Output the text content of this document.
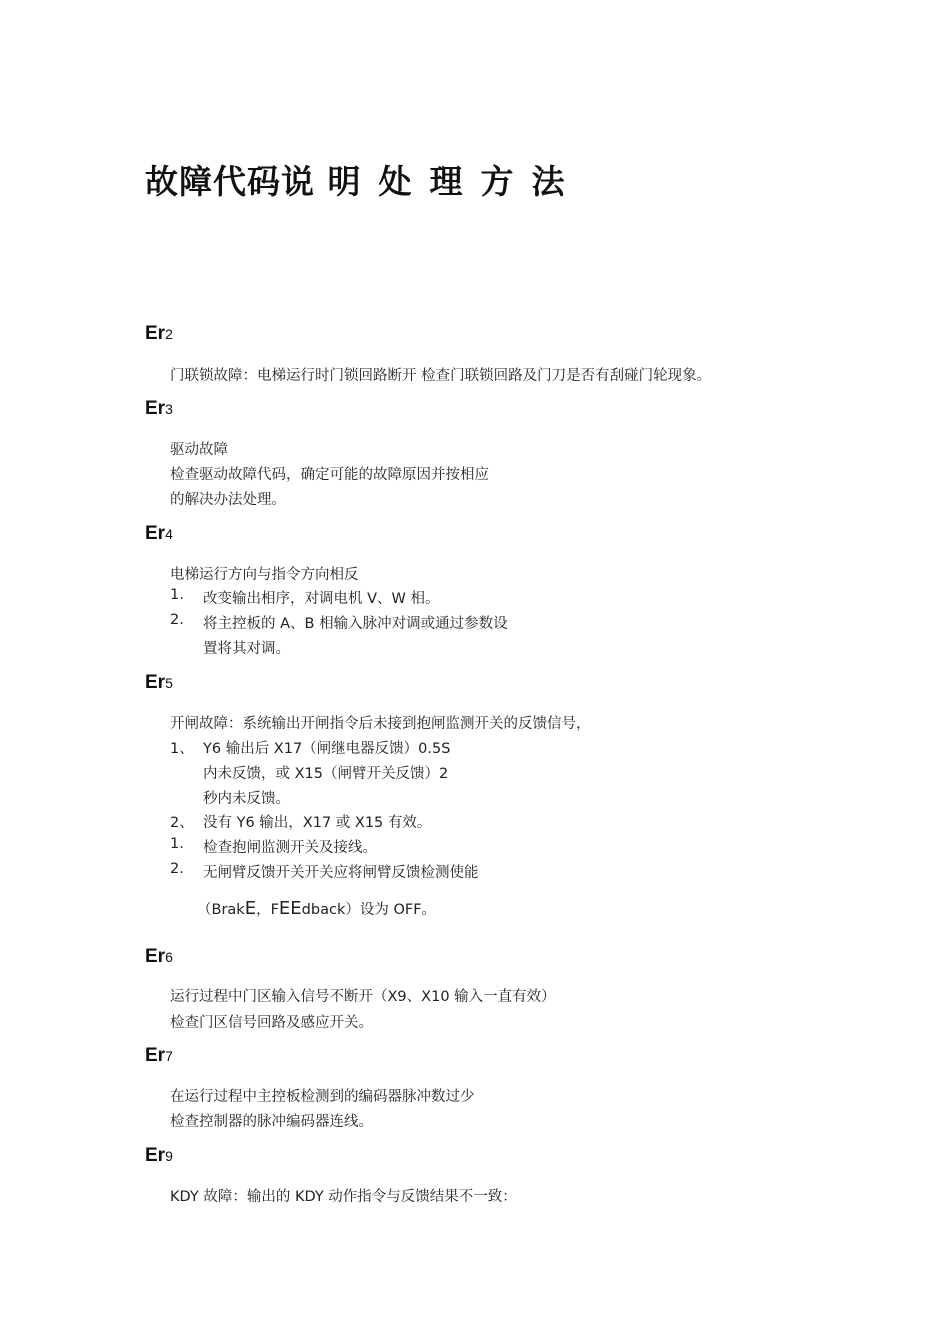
故障代码说 明处理方法

Er2

门联锁故障：电梯运行时门锁回路断开 检查门联锁回路及门刀是否有刮碰门轮现象。

Er3

驱动故障

检查驱动故障代码，确定可能的故障原因并按相应

的解决办法处理。

Er4

电梯运行方向与指令方向相反

1. 改变输出相序，对调电机 V、W 相。
2. 将主控板的 A、B 相输入脉冲对调或通过参数设

置将其对调。

Er5

开闸故障：系统输出开闸指令后未接到抱闸监测开关的反馈信号，

1、 Y6 输出后 X17（闸继电器反馈）0.5S

内未反馈，或 X15（闸臂开关反馈）2

秒内未反馈。

2、 没有 Y6 输出，X17 或 X15 有效。
1. 检查抱闸监测开关及接线。
2. 无闸臂反馈开关开关应将闸臂反馈检测使能

（BrakE，FEEdback）设为 OFF。

Er6

运行过程中门区输入信号不断开（X9、X10 输入一直有效）

检查门区信号回路及感应开关。

Er7

在运行过程中主控板检测到的编码器脉冲数过少

检查控制器的脉冲编码器连线。

Er9

KDY 故障：输出的 KDY 动作指令与反馈结果不一致：
